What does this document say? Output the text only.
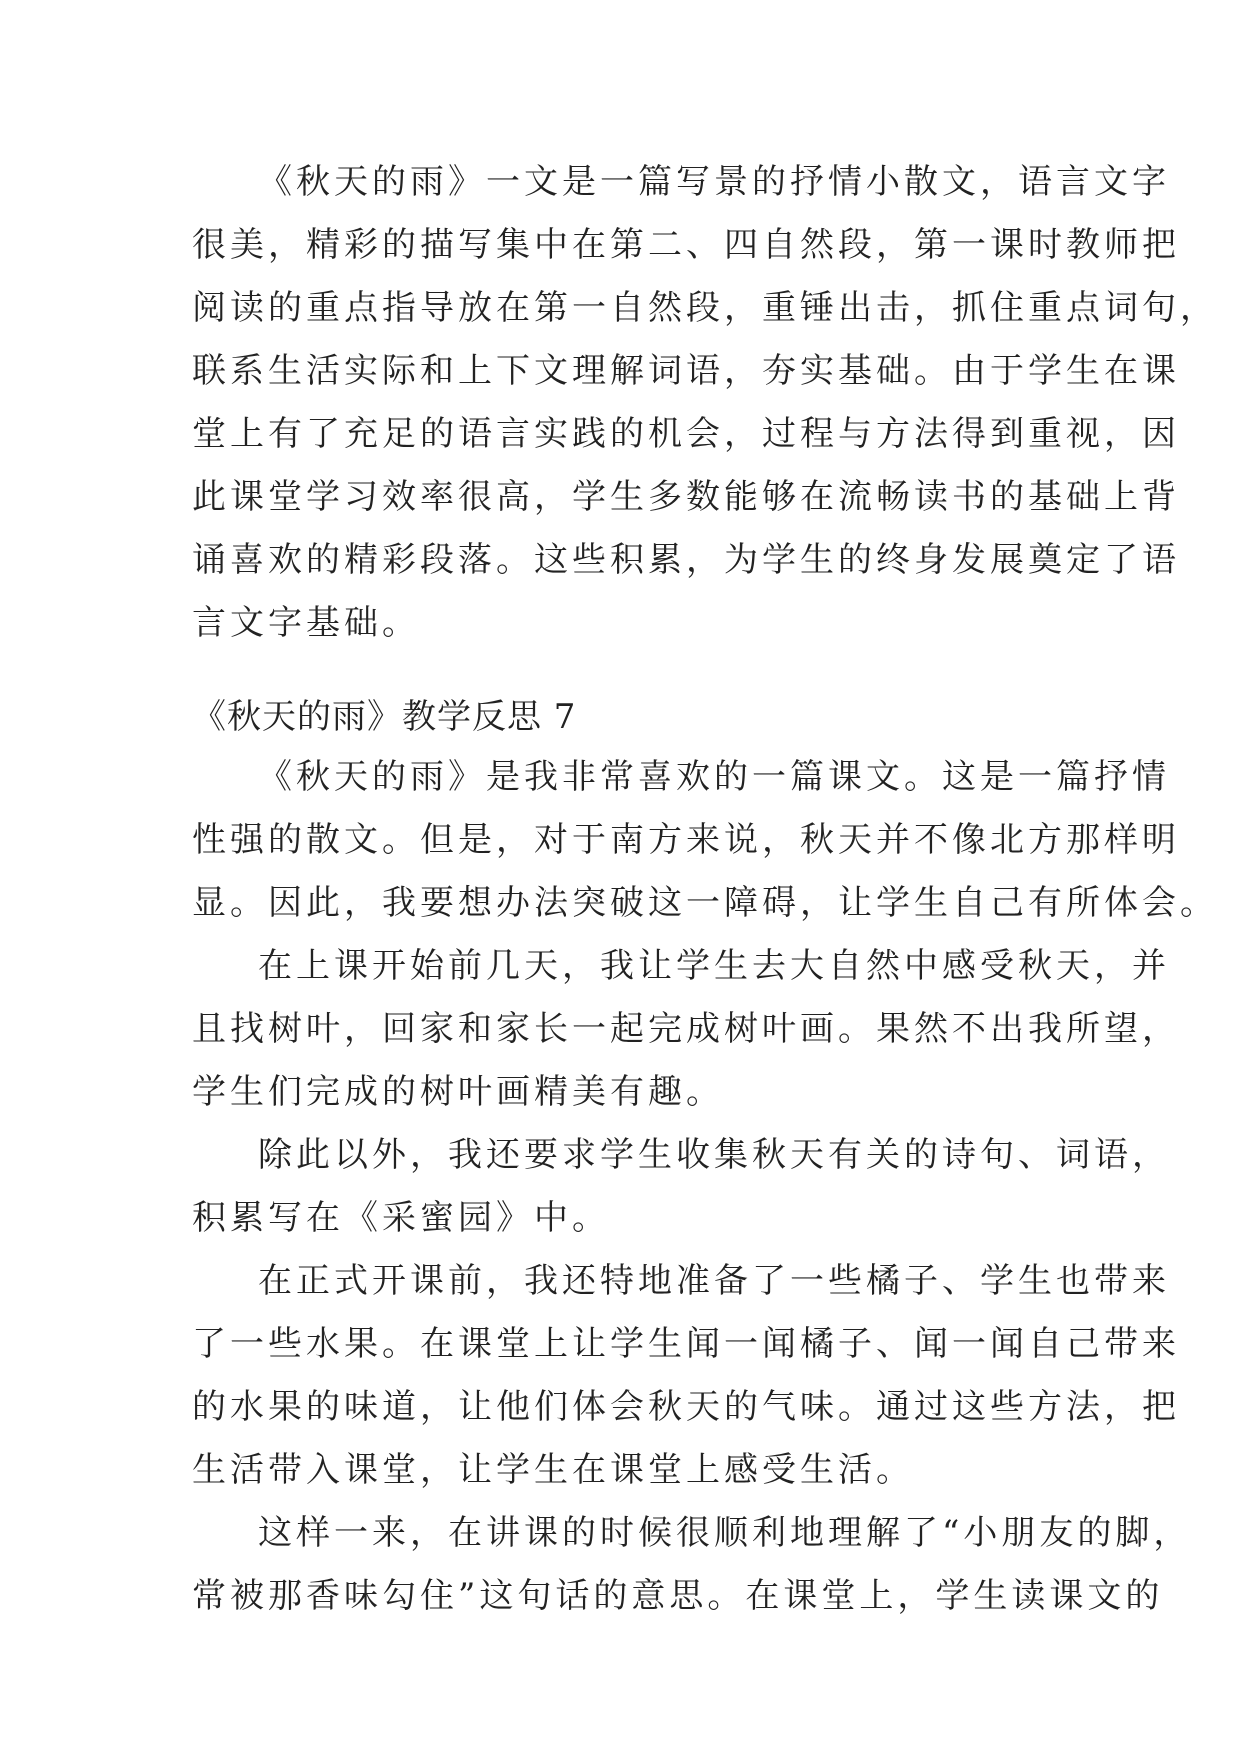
《秋天的雨》一文是一篇写景的抒情小散文，语言文字
很美，精彩的描写集中在第二、四自然段，第一课时教师把
阅读的重点指导放在第一自然段，重锤出击，抓住重点词句，
联系生活实际和上下文理解词语，夯实基础。由于学生在课
堂上有了充足的语言实践的机会，过程与方法得到重视，因
此课堂学习效率很高，学生多数能够在流畅读书的基础上背
诵喜欢的精彩段落。这些积累，为学生的终身发展奠定了语
言文字基础。
《秋天的雨》教学反思 7
《秋天的雨》是我非常喜欢的一篇课文。这是一篇抒情
性强的散文。但是，对于南方来说，秋天并不像北方那样明
显。因此，我要想办法突破这一障碍，让学生自己有所体会。
在上课开始前几天，我让学生去大自然中感受秋天，并
且找树叶，回家和家长一起完成树叶画。果然不出我所望，
学生们完成的树叶画精美有趣。
除此以外，我还要求学生收集秋天有关的诗句、词语，
积累写在《采蜜园》中。
在正式开课前，我还特地准备了一些橘子、学生也带来
了一些水果。在课堂上让学生闻一闻橘子、闻一闻自己带来
的水果的味道，让他们体会秋天的气味。通过这些方法，把
生活带入课堂，让学生在课堂上感受生活。
这样一来，在讲课的时候很顺利地理解了“小朋友的脚，
常被那香味勾住”这句话的意思。在课堂上，学生读课文的
